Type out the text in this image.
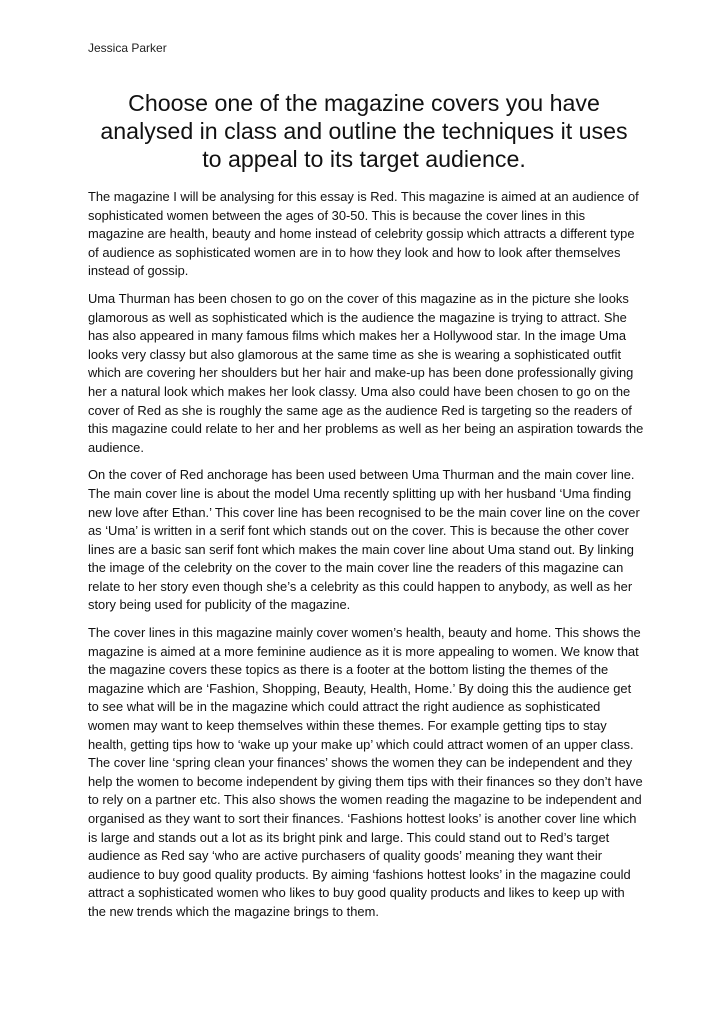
Jessica Parker
Choose one of the magazine covers you have analysed in class and outline the techniques it uses to appeal to its target audience.

The magazine I will be analysing for this essay is Red. This magazine is aimed at an audience of sophisticated women between the ages of 30-50. This is because the cover lines in this magazine are health, beauty and home instead of celebrity gossip which attracts a different type of audience as sophisticated women are in to how they look and how to look after themselves instead of gossip.

Uma Thurman has been chosen to go on the cover of this magazine as in the picture she looks glamorous as well as sophisticated which is the audience the magazine is trying to attract. She has also appeared in many famous films which makes her a Hollywood star. In the image Uma looks very classy but also glamorous at the same time as she is wearing a sophisticated outfit which are covering her shoulders but her hair and make-up has been done professionally giving her a natural look which makes her look classy. Uma also could have been chosen to go on the cover of Red as she is roughly the same age as the audience Red is targeting so the readers of this magazine could relate to her and her problems as well as her being an aspiration towards the audience.

On the cover of Red anchorage has been used between Uma Thurman and the main cover line. The main cover line is about the model Uma recently splitting up with her husband ‘Uma finding new love after Ethan.’ This cover line has been recognised to be the main cover line on the cover as ‘Uma’ is written in a serif font which stands out on the cover. This is because the other cover lines are a basic san serif font which makes the main cover line about Uma stand out. By linking the image of the celebrity on the cover to the main cover line the readers of this magazine can relate to her story even though she’s a celebrity as this could happen to anybody, as well as her story being used for publicity of the magazine.

The cover lines in this magazine mainly cover women’s health, beauty and home. This shows the magazine is aimed at a more feminine audience as it is more appealing to women. We know that the magazine covers these topics as there is a footer at the bottom listing the themes of the magazine which are ‘Fashion, Shopping, Beauty, Health, Home.’ By doing this the audience get to see what will be in the magazine which could attract the right audience as sophisticated women may want to keep themselves within these themes. For example getting tips to stay health, getting tips how to ‘wake up your make up’ which could attract women of an upper class. The cover line ‘spring clean your finances’ shows the women they can be independent and they help the women to become independent by giving them tips with their finances so they don’t have to rely on a partner etc. This also shows the women reading the magazine to be independent and organised as they want to sort their finances. ‘Fashions hottest looks’ is another cover line which is large and stands out a lot as its bright pink and large. This could stand out to Red’s target audience as Red say ‘who are active purchasers of quality goods’ meaning they want their audience to buy good quality products. By aiming ‘fashions hottest looks’ in the magazine could attract a sophisticated women who likes to buy good quality products and likes to keep up with the new trends which the magazine brings to them.
